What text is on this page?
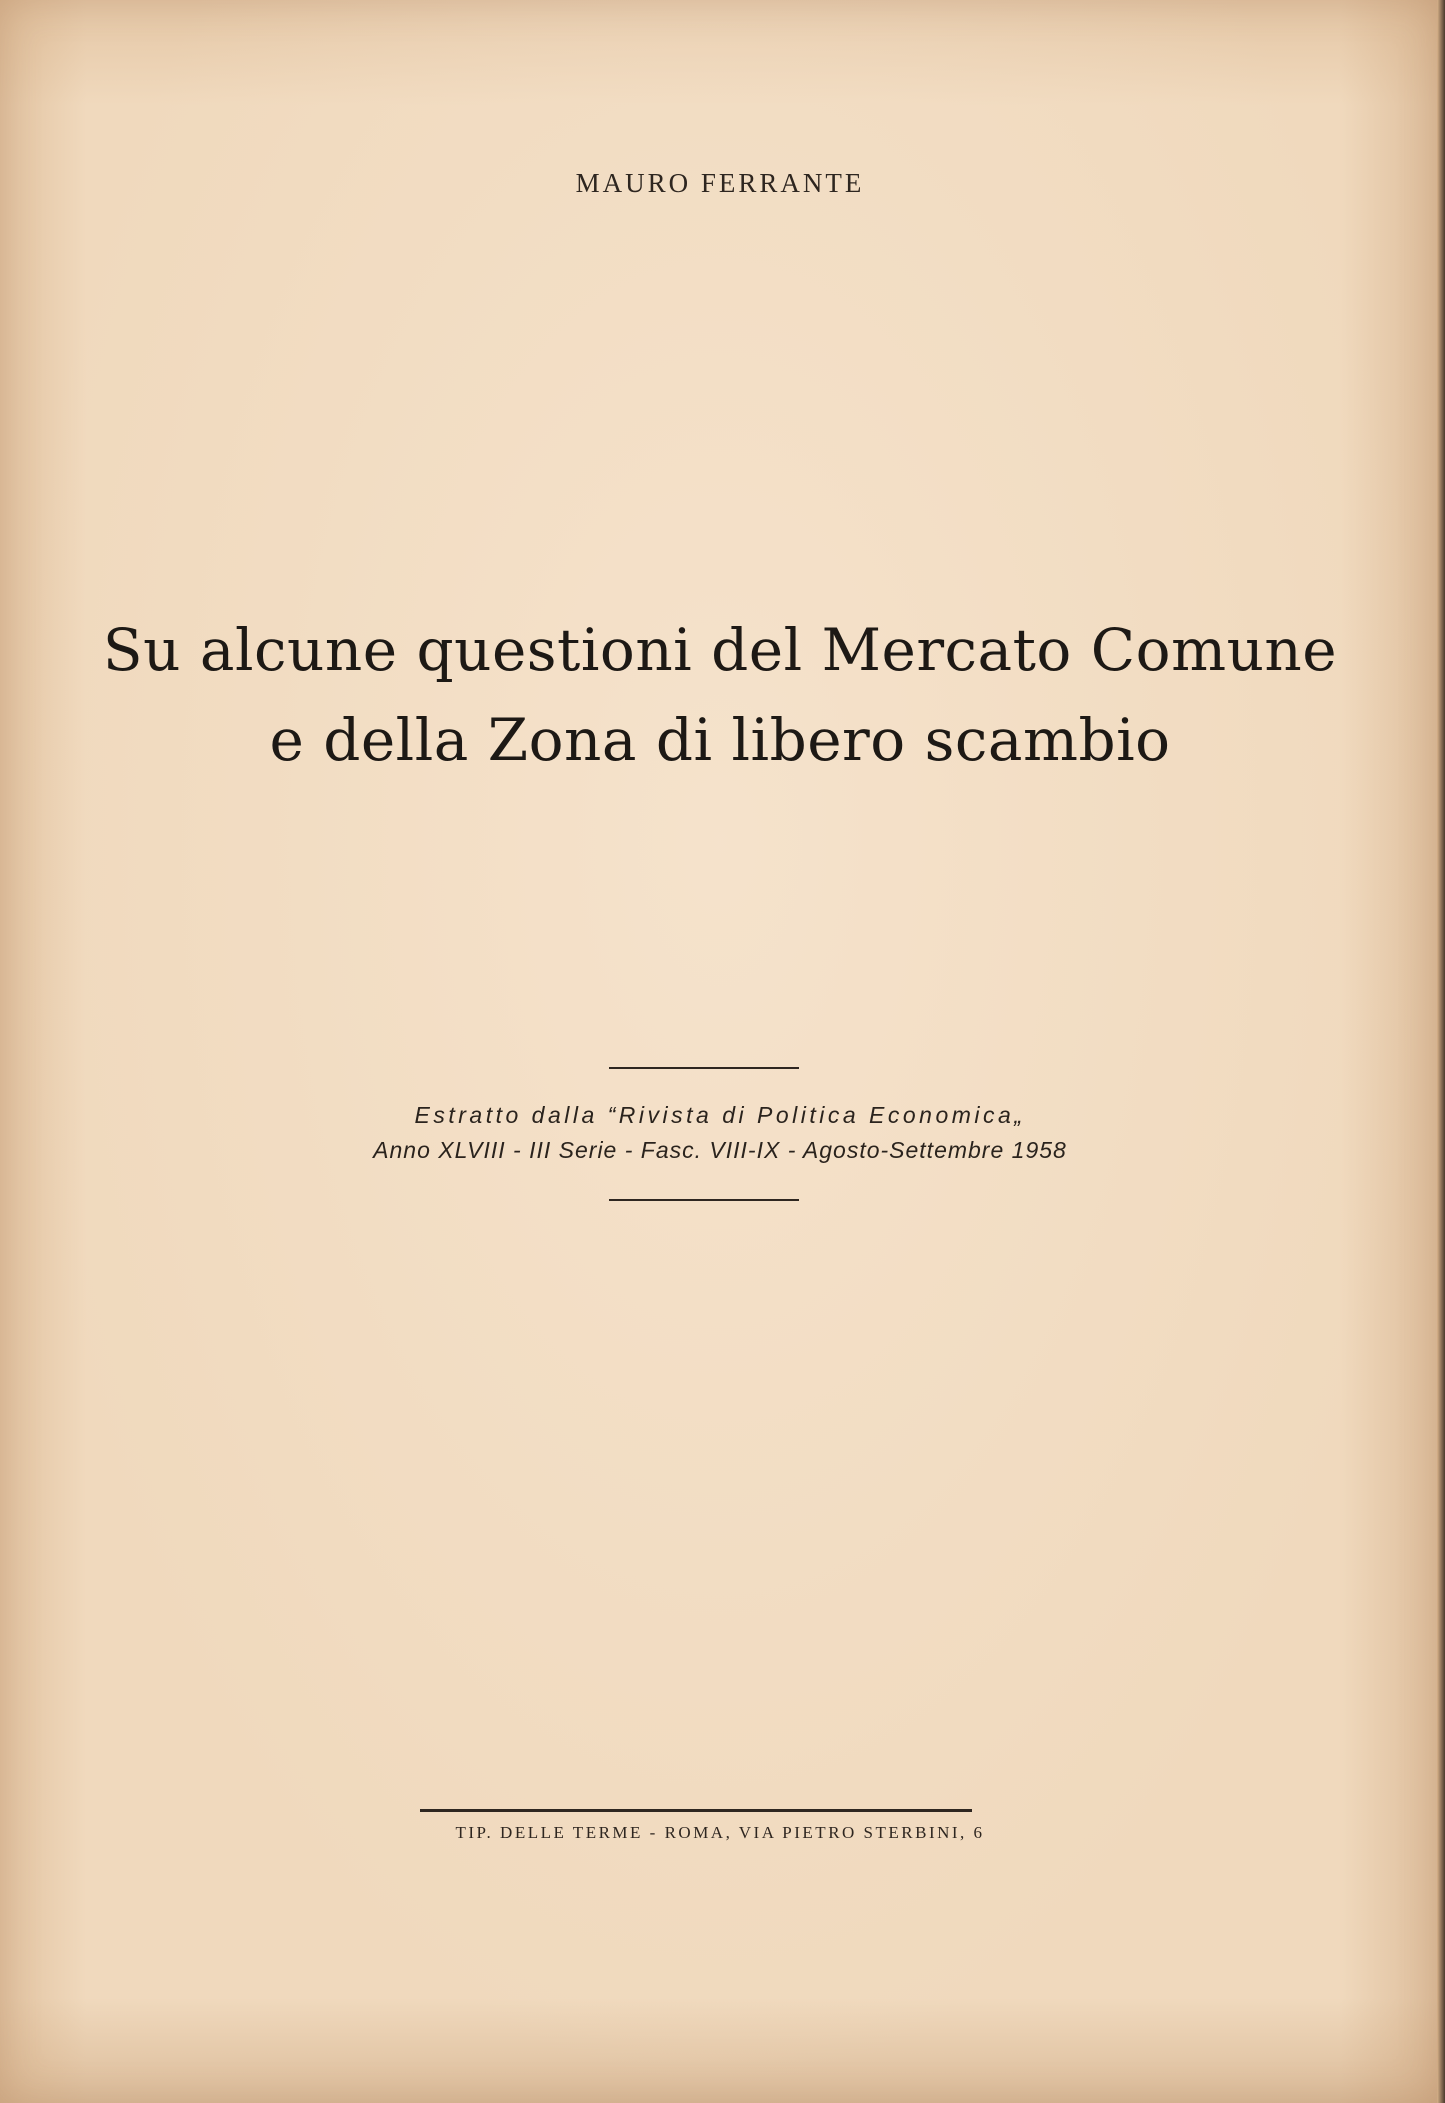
MAURO FERRANTE
Su alcune questioni del Mercato Comune
e della Zona di libero scambio
Estratto dalla “Rivista di Politica Economica„
Anno XLVIII - III Serie - Fasc. VIII-IX - Agosto-Settembre 1958
TIP. DELLE TERME - ROMA, VIA PIETRO STERBINI, 6
